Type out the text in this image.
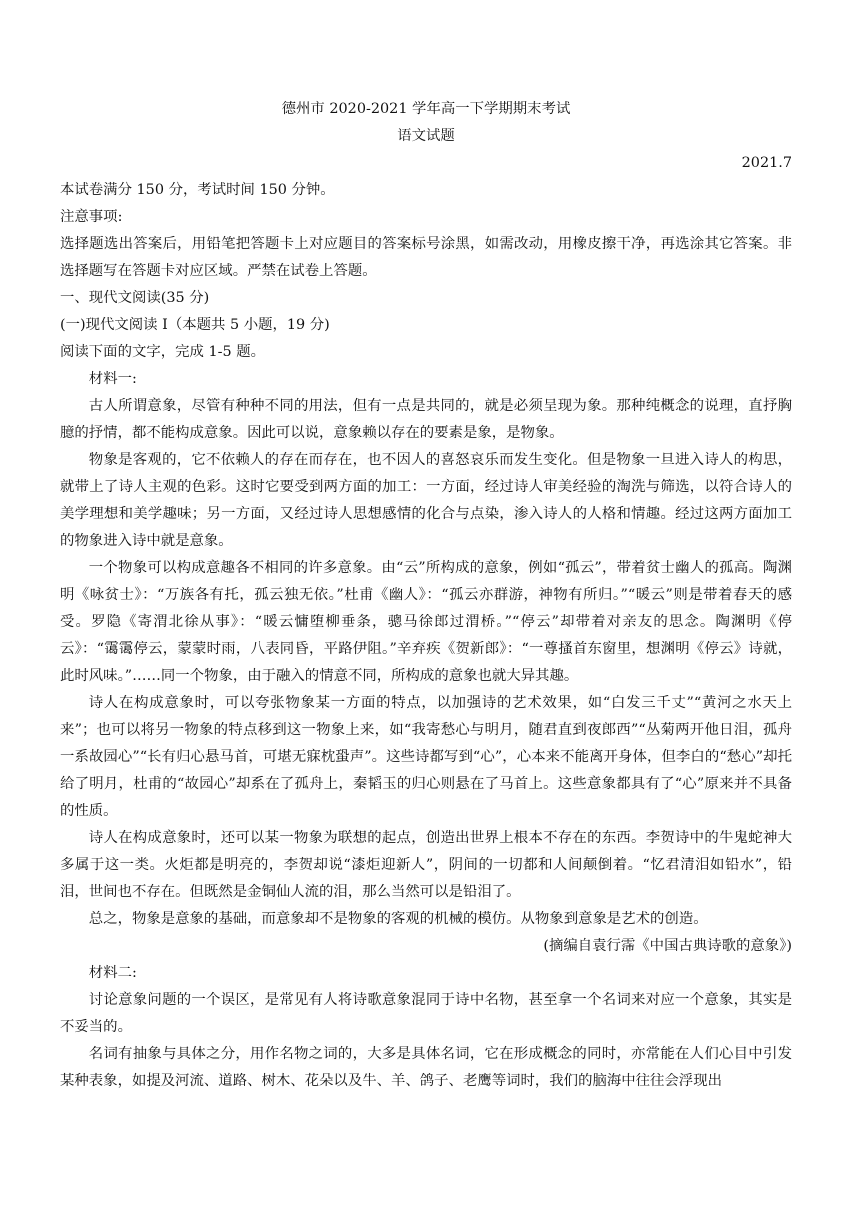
德州市 2020-2021 学年高一下学期期末考试
语文试题
2021.7

本试卷满分 150 分，考试时间 150 分钟。

注意事项:

选择题选出答案后，用铅笔把答题卡上对应题目的答案标号涂黑，如需改动，用橡皮擦干净，再选涂其它答案。非选择题写在答题卡对应区域。严禁在试卷上答题。

一、现代文阅读(35 分)

(一)现代文阅读 I（本题共 5 小题，19 分)

阅读下面的文字，完成 1-5 题。

材料一:

古人所谓意象，尽管有种种不同的用法，但有一点是共同的，就是必须呈现为象。那种纯概念的说理，直抒胸臆的抒情，都不能构成意象。因此可以说，意象赖以存在的要素是象，是物象。

物象是客观的，它不依赖人的存在而存在，也不因人的喜怒哀乐而发生变化。但是物象一旦进入诗人的构思，就带上了诗人主观的色彩。这时它要受到两方面的加工：一方面，经过诗人审美经验的淘洗与筛选，以符合诗人的美学理想和美学趣味；另一方面，又经过诗人思想感情的化合与点染，渗入诗人的人格和情趣。经过这两方面加工的物象进入诗中就是意象。

一个物象可以构成意趣各不相同的许多意象。由“云”所构成的意象，例如“孤云”，带着贫士幽人的孤高。陶渊明《咏贫士》：“万族各有托，孤云独无依。”杜甫《幽人》：“孤云亦群游，神物有所归。”“暖云”则是带着春天的感受。罗隐《寄渭北徐从事》：“暖云慵堕柳垂条，骢马徐郎过渭桥。”“停云”却带着对亲友的思念。陶渊明《停云》：“霭霭停云，蒙蒙时雨，八表同昏，平路伊阻。”辛弃疾《贺新郎》：“一尊搔首东窗里，想渊明《停云》诗就，此时风味。”……同一个物象，由于融入的情意不同，所构成的意象也就大异其趣。

诗人在构成意象时，可以夸张物象某一方面的特点，以加强诗的艺术效果，如“白发三千丈”“黄河之水天上来”；也可以将另一物象的特点移到这一物象上来，如“我寄愁心与明月，随君直到夜郎西”“丛菊两开他日泪，孤舟一系故园心”“长有归心悬马首，可堪无寐枕蛩声”。这些诗都写到“心”，心本来不能离开身体，但李白的“愁心”却托给了明月，杜甫的“故园心”却系在了孤舟上，秦韬玉的归心则悬在了马首上。这些意象都具有了“心”原来并不具备的性质。

诗人在构成意象时，还可以某一物象为联想的起点，创造出世界上根本不存在的东西。李贺诗中的牛鬼蛇神大多属于这一类。火炬都是明亮的，李贺却说“漆炬迎新人”，阴间的一切都和人间颠倒着。“忆君清泪如铅水”，铅泪，世间也不存在。但既然是金铜仙人流的泪，那么当然可以是铅泪了。

总之，物象是意象的基础，而意象却不是物象的客观的机械的模仿。从物象到意象是艺术的创造。

(摘编自袁行霈《中国古典诗歌的意象》)

材料二:

讨论意象问题的一个误区，是常见有人将诗歌意象混同于诗中名物，甚至拿一个名词来对应一个意象，其实是不妥当的。

名词有抽象与具体之分，用作名物之词的，大多是具体名词，它在形成概念的同时，亦常能在人们心目中引发某种表象，如提及河流、道路、树木、花朵以及牛、羊、鸽子、老鹰等词时，我们的脑海中往往会浮现出
